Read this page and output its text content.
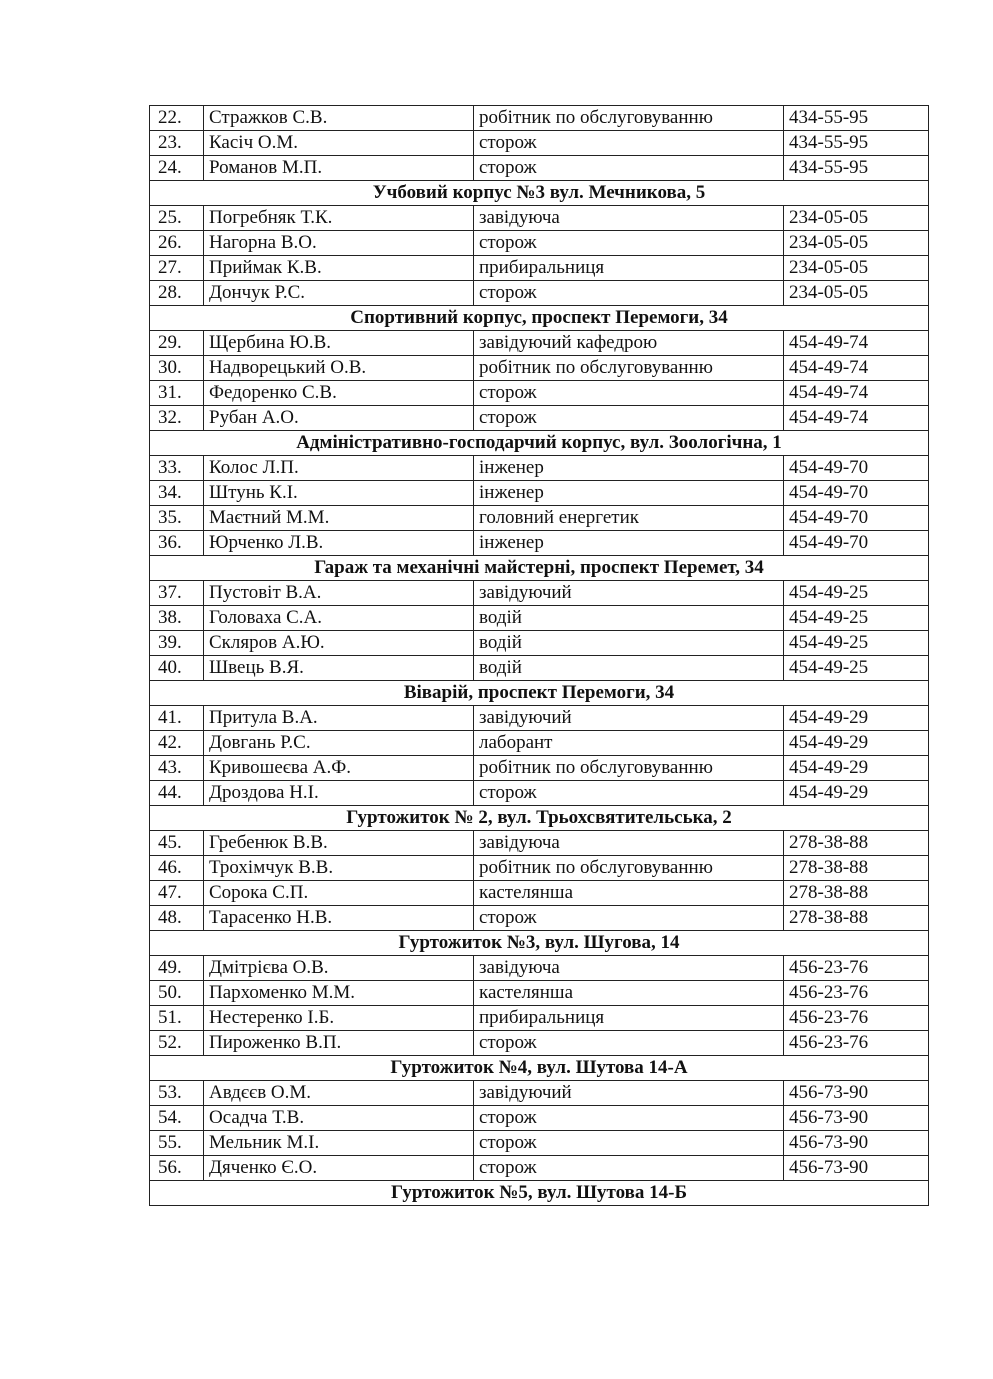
22.	Стражков С.В.	робітник по обслуговуванню	434-55-95
23.	Касіч О.М.	сторож	434-55-95
24.	Романов М.П.	сторож	434-55-95
Учбовий корпус №3 вул. Мечникова, 5			
25.	Погребняк Т.К.	завідуюча	234-05-05
26.	Нагорна В.О.	сторож	234-05-05
27.	Приймак К.В.	прибиральниця	234-05-05
28.	Дончук Р.С.	сторож	234-05-05
Спортивний корпус, проспект Перемоги, 34			
29.	Щербина Ю.В.	завідуючий кафедрою	454-49-74
30.	Надворецький О.В.	робітник по обслуговуванню	454-49-74
31.	Федоренко С.В.	сторож	454-49-74
32.	Рубан А.О.	сторож	454-49-74
Адміністративно-господарчий корпус, вул. Зоологічна, 1			
33.	Колос Л.П.	інженер	454-49-70
34.	Штунь К.І.	інженер	454-49-70
35.	Маєтний М.М.	головний енергетик	454-49-70
36.	Юрченко Л.В.	інженер	454-49-70
Гараж та механічні майстерні, проспект Перемет, 34			
37.	Пустовіт В.А.	завідуючий	454-49-25
38.	Головаха С.А.	водій	454-49-25
39.	Скляров А.Ю.	водій	454-49-25
40.	Швець В.Я.	водій	454-49-25
Віварій, проспект Перемоги, 34			
41.	Притула В.А.	завідуючий	454-49-29
42.	Довгань Р.С.	лаборант	454-49-29
43.	Кривошеєва А.Ф.	робітник по обслуговуванню	454-49-29
44.	Дроздова Н.І.	сторож	454-49-29
Гуртожиток № 2, вул. Трьохсвятительська, 2			
45.	Гребенюк В.В.	завідуюча	278-38-88
46.	Трохімчук В.В.	робітник по обслуговуванню	278-38-88
47.	Сорока С.П.	кастелянша	278-38-88
48.	Тарасенко Н.В.	сторож	278-38-88
Гуртожиток №3, вул. Шугова, 14			
49.	Дмітрієва О.В.	завідуюча	456-23-76
50.	Пархоменко М.М.	кастелянша	456-23-76
51.	Нестеренко І.Б.	прибиральниця	456-23-76
52.	Пироженко В.П.	сторож	456-23-76
Гуртожиток №4, вул. Шутова 14-А			
53.	Авдєєв О.М.	завідуючий	456-73-90
54.	Осадча Т.В.	сторож	456-73-90
55.	Мельник М.І.	сторож	456-73-90
56.	Дяченко Є.О.	сторож	456-73-90
Гуртожиток №5, вул. Шутова 14-Б			
